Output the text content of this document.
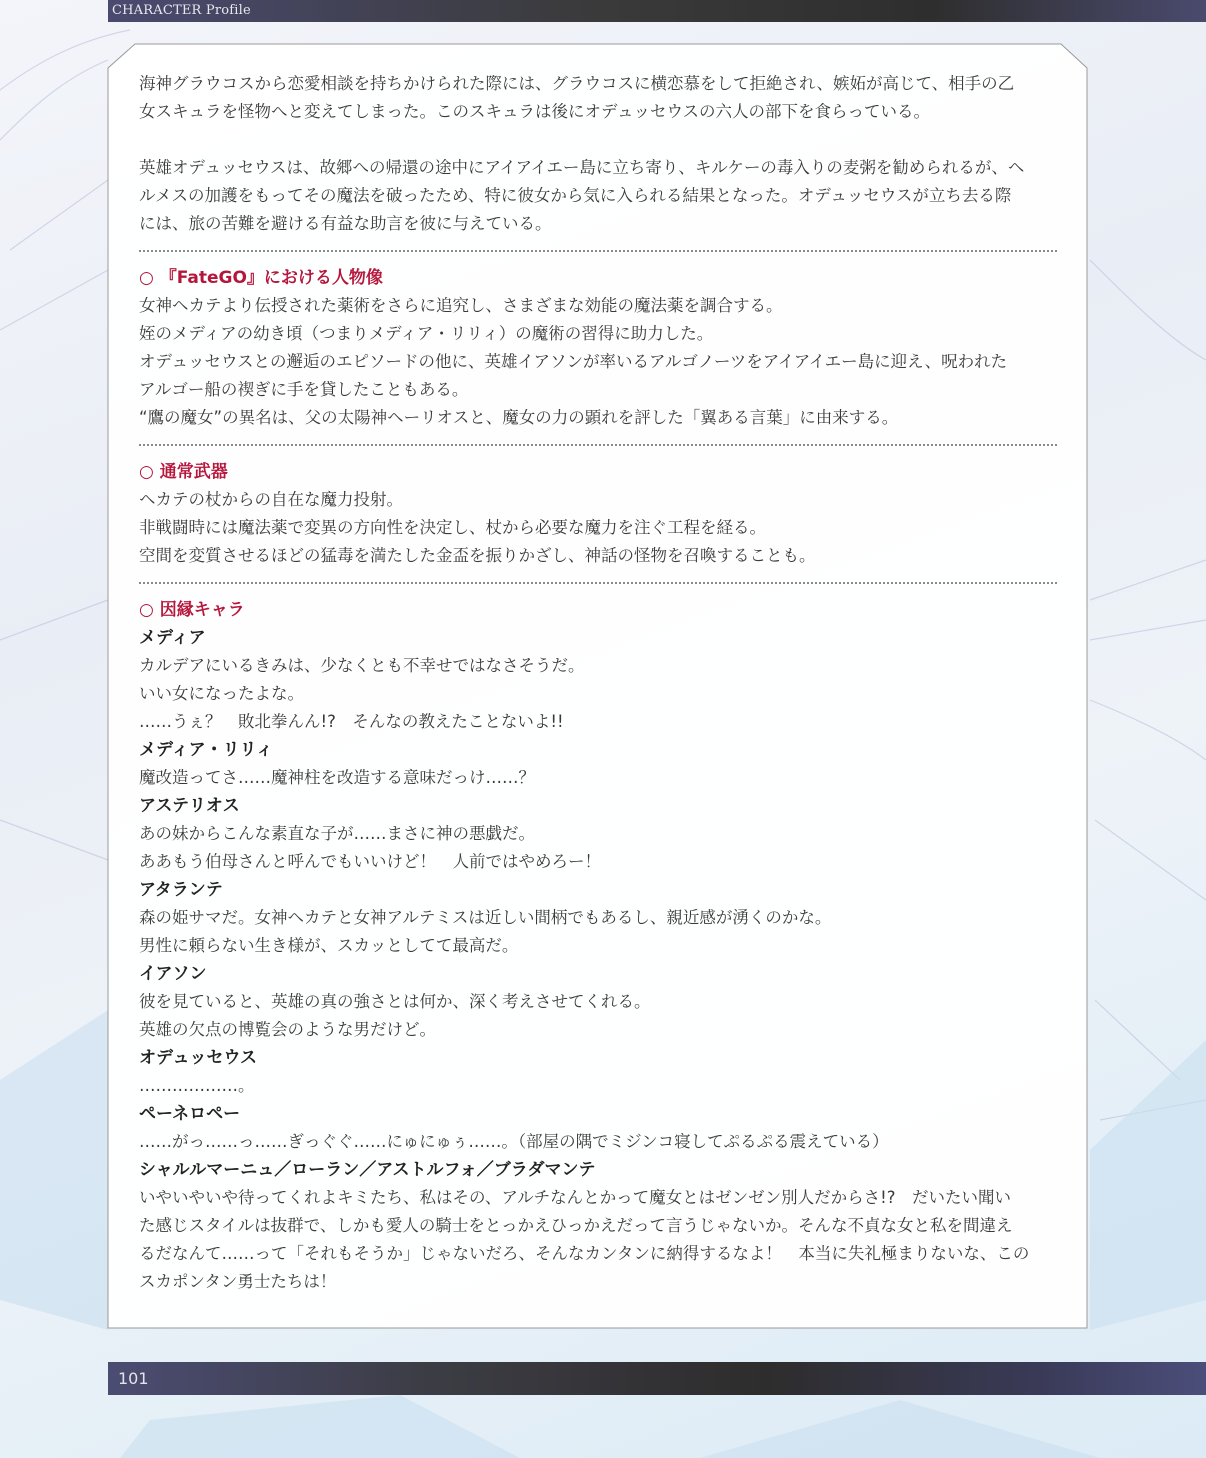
CHARACTER Profile

海神グラウコスから恋愛相談を持ちかけられた際には、グラウコスに横恋慕をして拒絶され、嫉妬が高じて、相手の乙

女スキュラを怪物へと変えてしまった。このスキュラは後にオデュッセウスの六人の部下を食らっている。

英雄オデュッセウスは、故郷への帰還の途中にアイアイエー島に立ち寄り、キルケーの毒入りの麦粥を勧められるが、ヘ

ルメスの加護をもってその魔法を破ったため、特に彼女から気に入られる結果となった。オデュッセウスが立ち去る際

には、旅の苦難を避ける有益な助言を彼に与えている。

○ 『FateGO』における人物像

女神ヘカテより伝授された薬術をさらに追究し、さまざまな効能の魔法薬を調合する。

姪のメディアの幼き頃（つまりメディア・リリィ）の魔術の習得に助力した。

オデュッセウスとの邂逅のエピソードの他に、英雄イアソンが率いるアルゴノーツをアイアイエー島に迎え、呪われた

アルゴー船の禊ぎに手を貸したこともある。

“鷹の魔女”の異名は、父の太陽神ヘーリオスと、魔女の力の顕れを評した「翼ある言葉」に由来する。

○ 通常武器

ヘカテの杖からの自在な魔力投射。

非戦闘時には魔法薬で変異の方向性を決定し、杖から必要な魔力を注ぐ工程を経る。

空間を変質させるほどの猛毒を満たした金盃を振りかざし、神話の怪物を召喚することも。

○ 因縁キャラ
メディア

カルデアにいるきみは、少なくとも不幸せではなさそうだ。

いい女になったよな。

……うぇ？　敗北拳んん!?　そんなの教えたことないよ!!

メディア・リリィ

魔改造ってさ……魔神柱を改造する意味だっけ……？

アステリオス

あの妹からこんな素直な子が……まさに神の悪戯だ。

ああもう伯母さんと呼んでもいいけど！　人前ではやめろー！

アタランテ

森の姫サマだ。女神ヘカテと女神アルテミスは近しい間柄でもあるし、親近感が湧くのかな。

男性に頼らない生き様が、スカッとしてて最高だ。

イアソン

彼を見ていると、英雄の真の強さとは何か、深く考えさせてくれる。

英雄の欠点の博覧会のような男だけど。

オデュッセウス

………………。

ペーネロペー

……がっ……っ……ぎっぐぐ……にゅにゅぅ……。（部屋の隅でミジンコ寝してぷるぷる震えている）

シャルルマーニュ／ローラン／アストルフォ／ブラダマンテ

いやいやいや待ってくれよキミたち、私はその、アルチなんとかって魔女とはゼンゼン別人だからさ!?　だいたい聞い

た感じスタイルは抜群で、しかも愛人の騎士をとっかえひっかえだって言うじゃないか。そんな不貞な女と私を間違え

るだなんて……って「それもそうか」じゃないだろ、そんなカンタンに納得するなよ！　本当に失礼極まりないな、この

スカポンタン勇士たちは！

101
